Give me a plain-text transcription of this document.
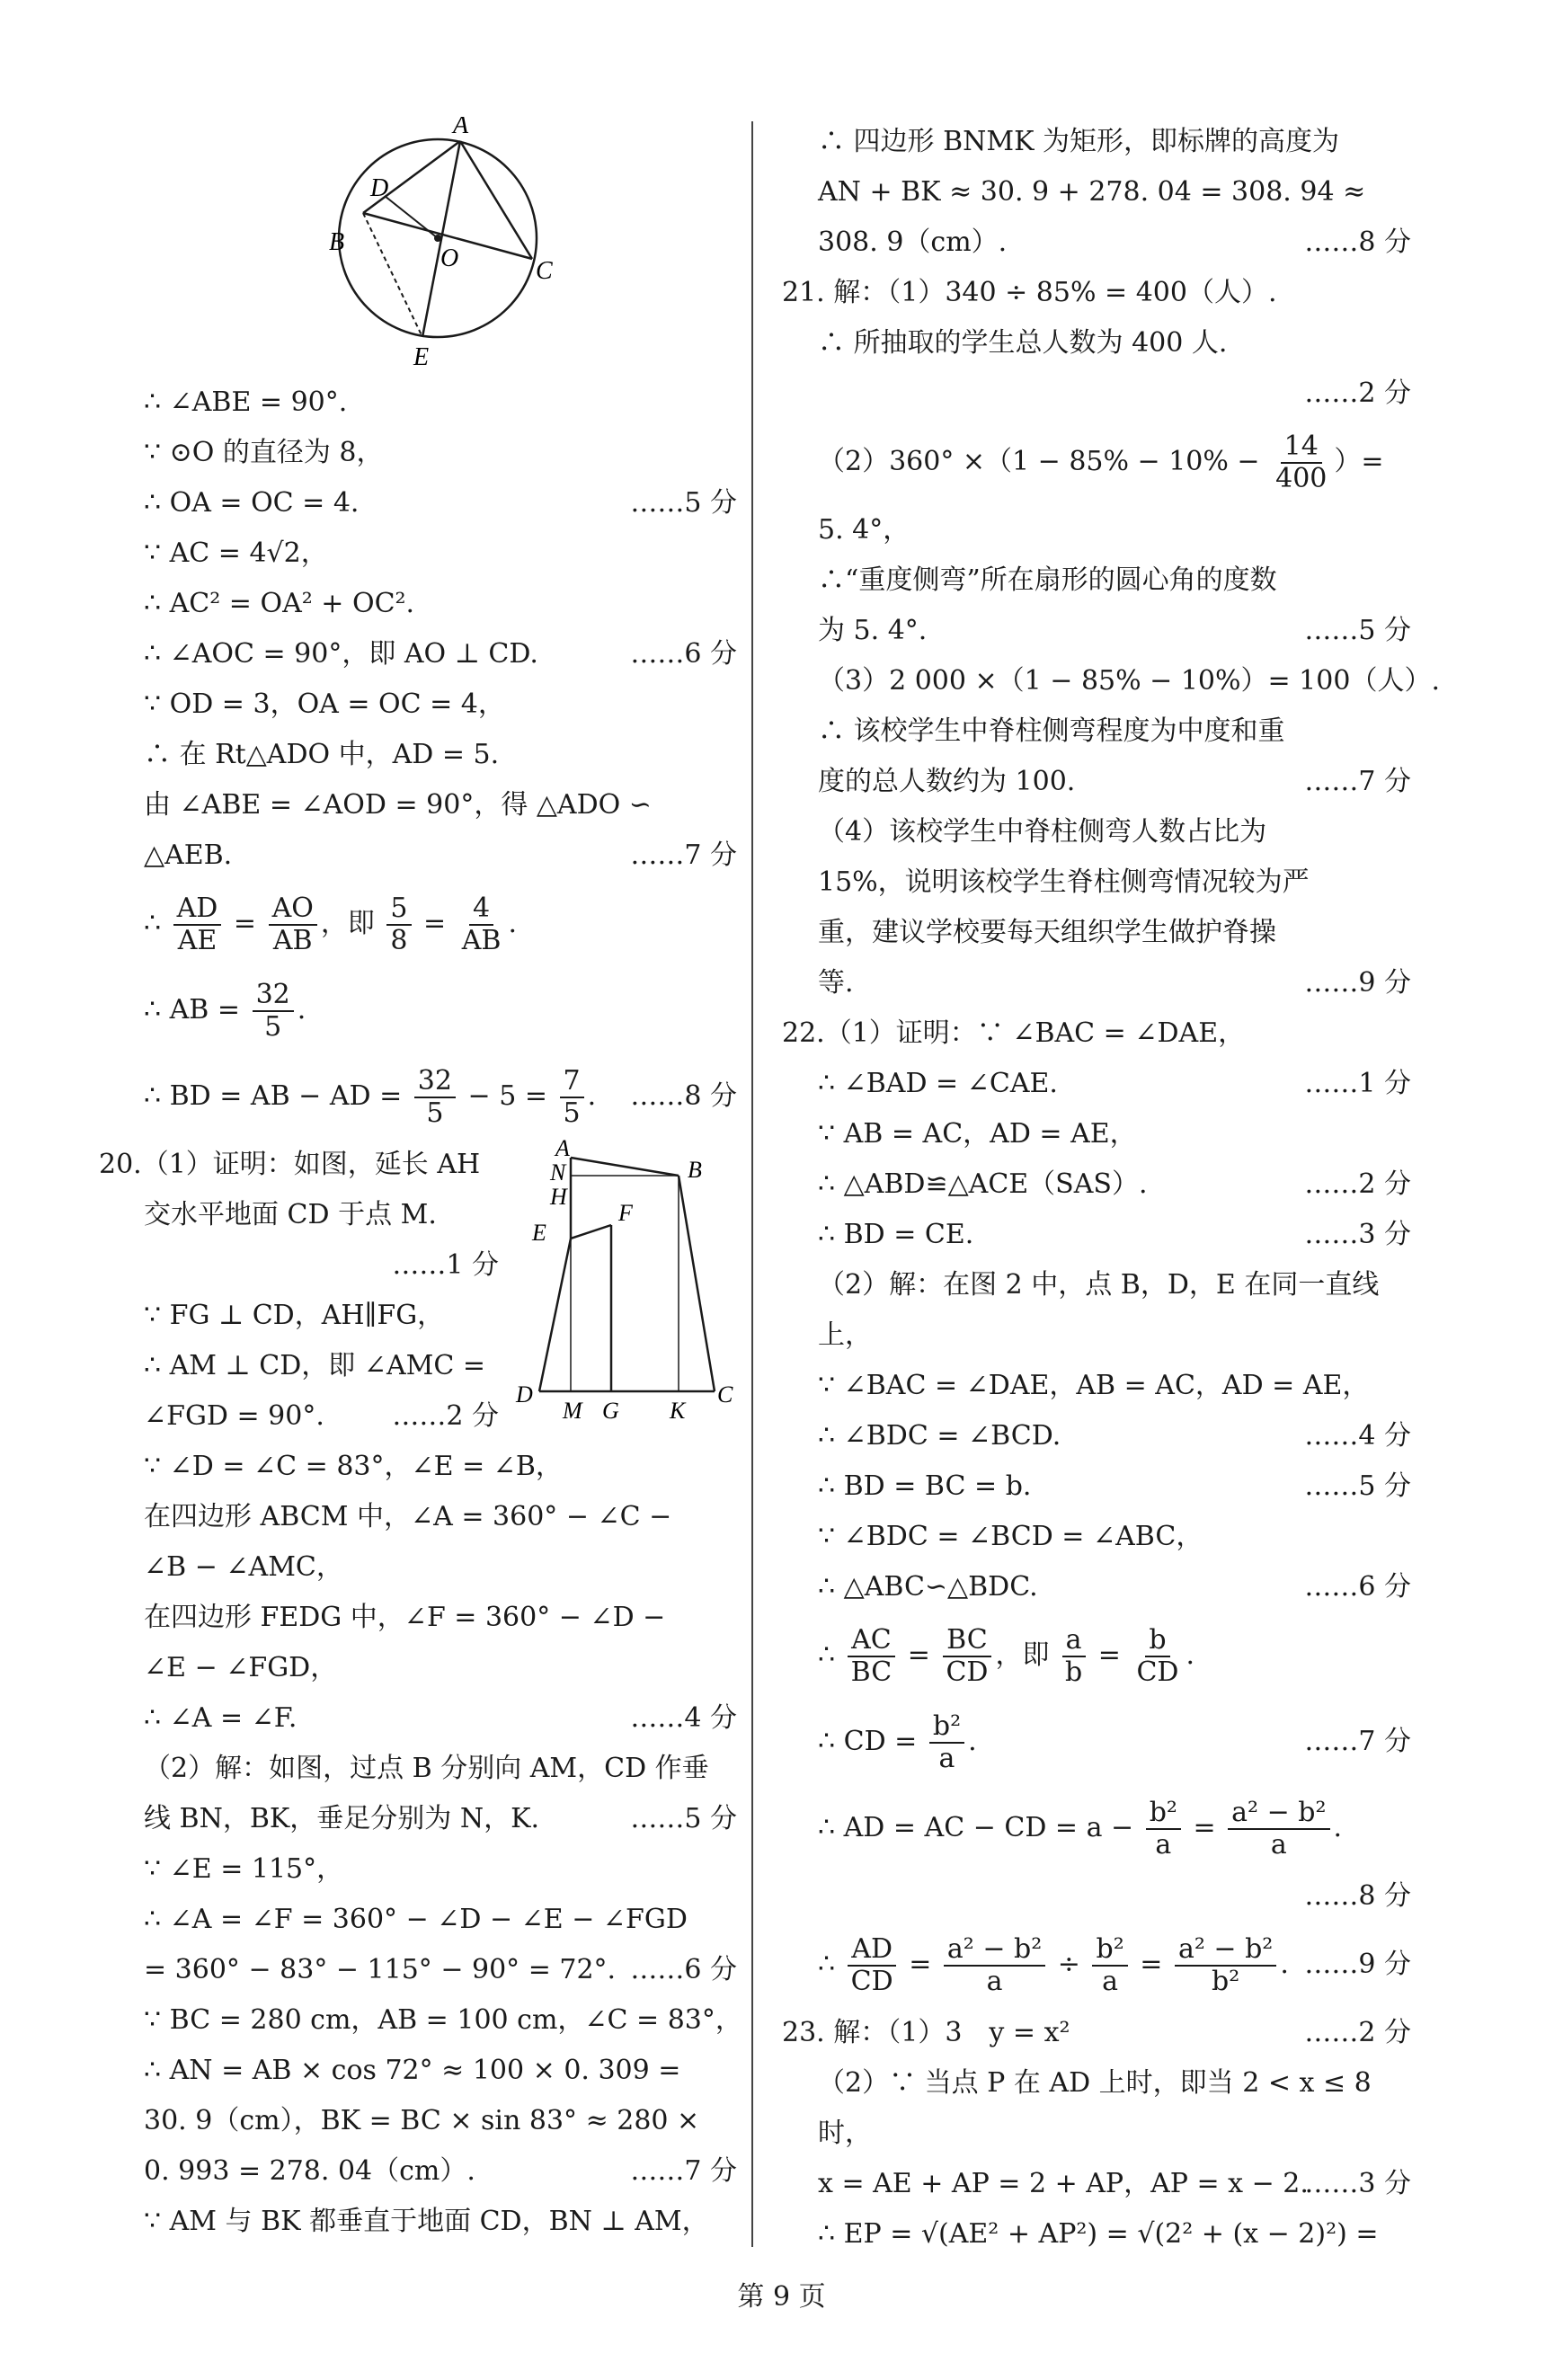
A
D
B
O	C
E
∴ ∠ABE = 90°.
∵ ⊙O 的直径为 8，
∴ OA = OC = 4.	……5 分
∵ AC = 4√2，
∴ AC² = OA² + OC².
∴ ∠AOC = 90°，即 AO ⊥ CD.	……6 分
∵ OD = 3，OA = OC = 4，
∴ 在 Rt△ADO 中，AD = 5.
由 ∠ABE = ∠AOD = 90°，得 △ADO ∽
△AEB.	……7 分
∴ $\frac{AD}{AE} = \frac{AO}{AB}$ ，即 $\frac{5}{8} = \frac{4}{AB}$ .
∴ AB = $\frac{32}{5}$ .
∴ BD = AB − AD = $\frac{32}{5} - 5 = \frac{7}{5}$ . ……8 分
A
N
H
E
B
F
D
M G K
C
20.（1）证明：如图，延长 AH
交水平地面 CD 于点 M.
……1 分
∵ FG ⊥ CD，AH∥FG，
∴ AM ⊥ CD，即 ∠AMC =
∠FGD = 90°.	……2 分
∵ ∠D = ∠C = 83°，∠E = ∠B，
在四边形 ABCM 中，∠A = 360° − ∠C −
∠B − ∠AMC，
在四边形 FEDG 中，∠F = 360° − ∠D −
∠E − ∠FGD，
∴ ∠A = ∠F.	……4 分
（2）解：如图，过点 B 分别向 AM，CD 作垂
线 BN，BK，垂足分别为 N，K.	……5 分
∵ ∠E = 115°，
∴ ∠A = ∠F = 360° − ∠D − ∠E − ∠FGD
= 360° − 83° − 115° − 90° = 72°. ……6 分
∵ BC = 280 cm，AB = 100 cm，∠C = 83°，
∴ AN = AB × cos 72° ≈ 100 × 0. 309 =
30. 9（cm），BK = BC × sin 83° ≈ 280 ×
0. 993 = 278. 04（cm）.	……7 分
∵ AM 与 BK 都垂直于地面 CD，BN ⊥ AM，
∴ 四边形 BNMK 为矩形，即标牌的高度为
AN + BK ≈ 30. 9 + 278. 04 = 308. 94 ≈
308. 9（cm）.	……8 分
21. 解：（1）340 ÷ 85% = 400（人）.
∴ 所抽取的学生总人数为 400 人.
……2 分
$(2)360^\circ \times(1 - 85\% - 10\% - \frac{14}{400}$ ）=
5. 4°，
∴“重度侧弯”所在扇形的圆心角的度数
为 5. 4°.	……5 分
（3）2 000 ×（1 − 85% − 10%）= 100（人）.
∴ 该校学生中脊柱侧弯程度为中度和重
度的总人数约为 100.	……7 分
（4）该校学生中脊柱侧弯人数占比为
15%，说明该校学生脊柱侧弯情况较为严
重，建议学校要每天组织学生做护脊操
等.	……9 分
22.（1）证明：∵ ∠BAC = ∠DAE，
∴ ∠BAD = ∠CAE.	……1 分
∵ AB = AC，AD = AE，
∴ △ABD≌△ACE（SAS）.	……2 分
∴ BD = CE.	……3 分
（2）解：在图 2 中，点 B，D，E 在同一直线
上，
∵ ∠BAC = ∠DAE，AB = AC，AD = AE，
∴ ∠BDC = ∠BCD.	……4 分
∴ BD = BC = b.	……5 分
∵ ∠BDC = ∠BCD = ∠ABC，
∴ △ABC∽△BDC.	……6 分
∴ $\frac{AC}{BC} = \frac{BC}{CD}$ ，即 $\frac{a}{b} = \frac{b}{CD}$ .
∴ CD = $\frac{\text{b²}}{a}$ .	……7 分
∴ AD = AC − CD = $a - \frac{\text{b²}}{a} = \frac{\text{a² − b²}}{a}$ .
……8 分
∴ $\frac{AD}{CD} = \frac{\text{a² − b²}}{a} \div \frac{\text{b²}}{a} = \frac{\text{a² − b²}}{\text{b²}}$ . ……9 分
23. 解：（1）3　y = x²	……2 分
（2）∵ 当点 P 在 AD 上时，即当 2 < x ≤ 8
时，
x = AE + AP = 2 + AP，AP = x − 2.
……3 分
∴ EP = √(AE² + AP²) = √(2² + (x − 2)²) =
第 9 页
